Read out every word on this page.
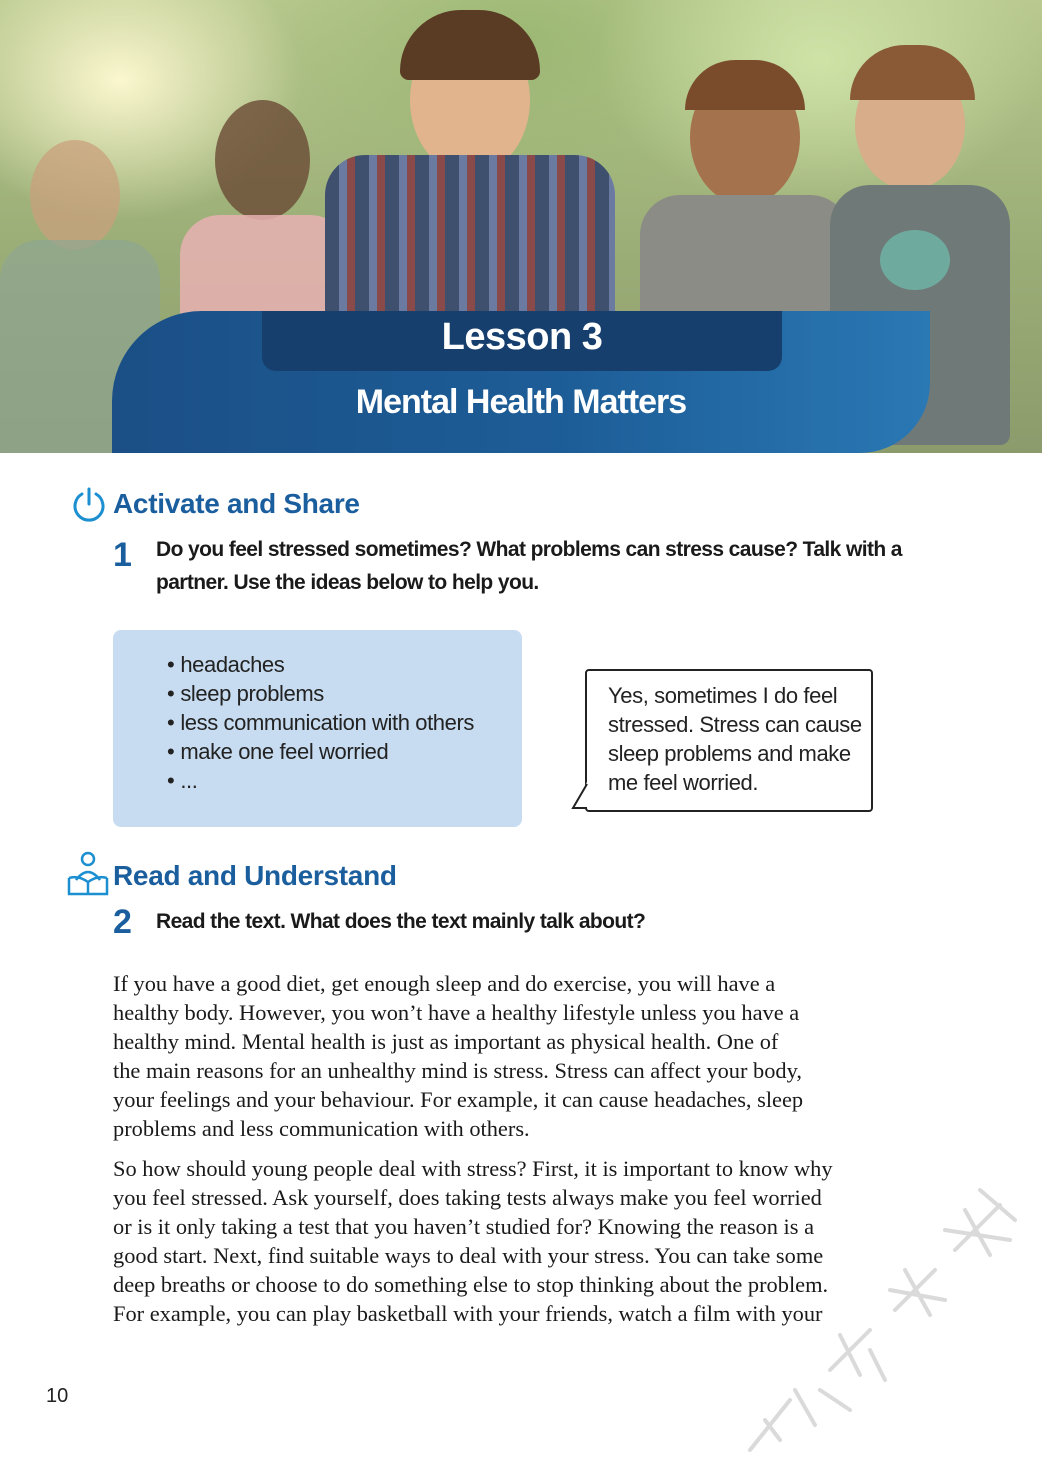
Lesson 3
Mental Health Matters
Activate and Share
1 Do you feel stressed sometimes? What problems can stress cause? Talk with a
partner. Use the ideas below to help you.
• headaches
• sleep problems
• less communication with others
• make one feel worried
• ...
Yes, sometimes I do feel
stressed. Stress can cause
sleep problems and make
me feel worried.
Read and Understand
2 Read the text. What does the text mainly talk about?
If you have a good diet, get enough sleep and do exercise, you will have a
healthy body. However, you won’t have a healthy lifestyle unless you have a
healthy mind. Mental health is just as important as physical health. One of
the main reasons for an unhealthy mind is stress. Stress can affect your body,
your feelings and your behaviour. For example, it can cause headaches, sleep
problems and less communication with others.
So how should young people deal with stress? First, it is important to know why
you feel stressed. Ask yourself, does taking tests always make you feel worried
or is it only taking a test that you haven’t studied for? Knowing the reason is a
good start. Next, find suitable ways to deal with your stress. You can take some
deep breaths or choose to do something else to stop thinking about the problem.
For example, you can play basketball with your friends, watch a film with your
10
